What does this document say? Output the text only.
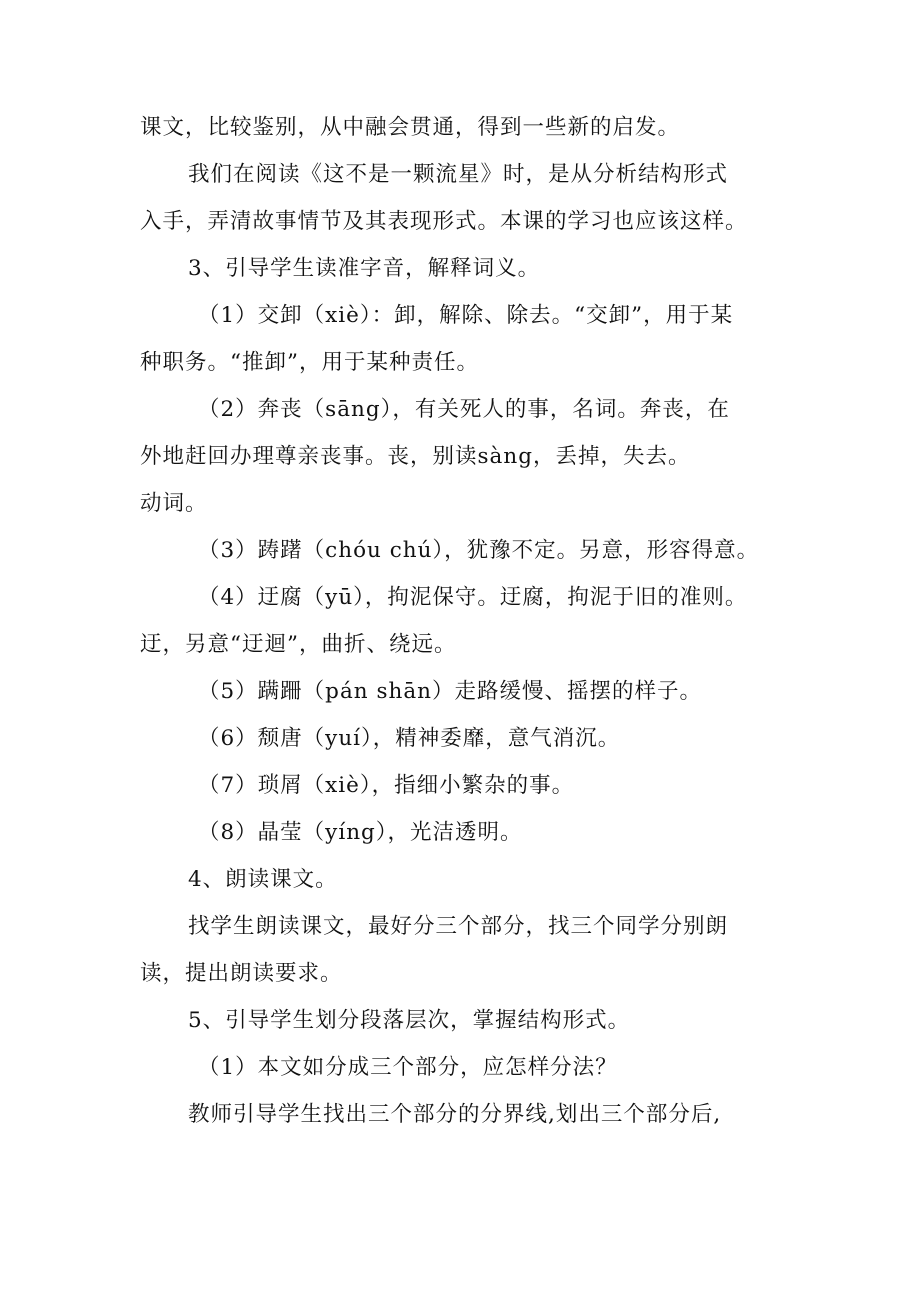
课文，比较鉴别，从中融会贯通，得到一些新的启发。

我们在阅读《这不是一颗流星》时，是从分析结构形式

入手，弄清故事情节及其表现形式。本课的学习也应该这样。

3、引导学生读准字音，解释词义。

（1）交卸（xiè）：卸，解除、除去。“交卸”，用于某

种职务。“推卸”，用于某种责任。

（2）奔丧（sāng），有关死人的事，名词。奔丧，在

外地赶回办理尊亲丧事。丧，别读sàng，丢掉，失去。

动词。

（3）踌躇（chóu chú），犹豫不定。另意，形容得意。

（4）迂腐（yū），拘泥保守。迂腐，拘泥于旧的准则。

迂，另意“迂迴”，曲折、绕远。

（5）蹒跚（pán shān）走路缓慢、摇摆的样子。

（6）颓唐（yuí），精神委靡，意气消沉。

（7）琐屑（xiè），指细小繁杂的事。

（8）晶莹（yíng），光洁透明。

4、朗读课文。

找学生朗读课文，最好分三个部分，找三个同学分别朗

读，提出朗读要求。

5、引导学生划分段落层次，掌握结构形式。

（1）本文如分成三个部分，应怎样分法？

教师引导学生找出三个部分的分界线,划出三个部分后,
